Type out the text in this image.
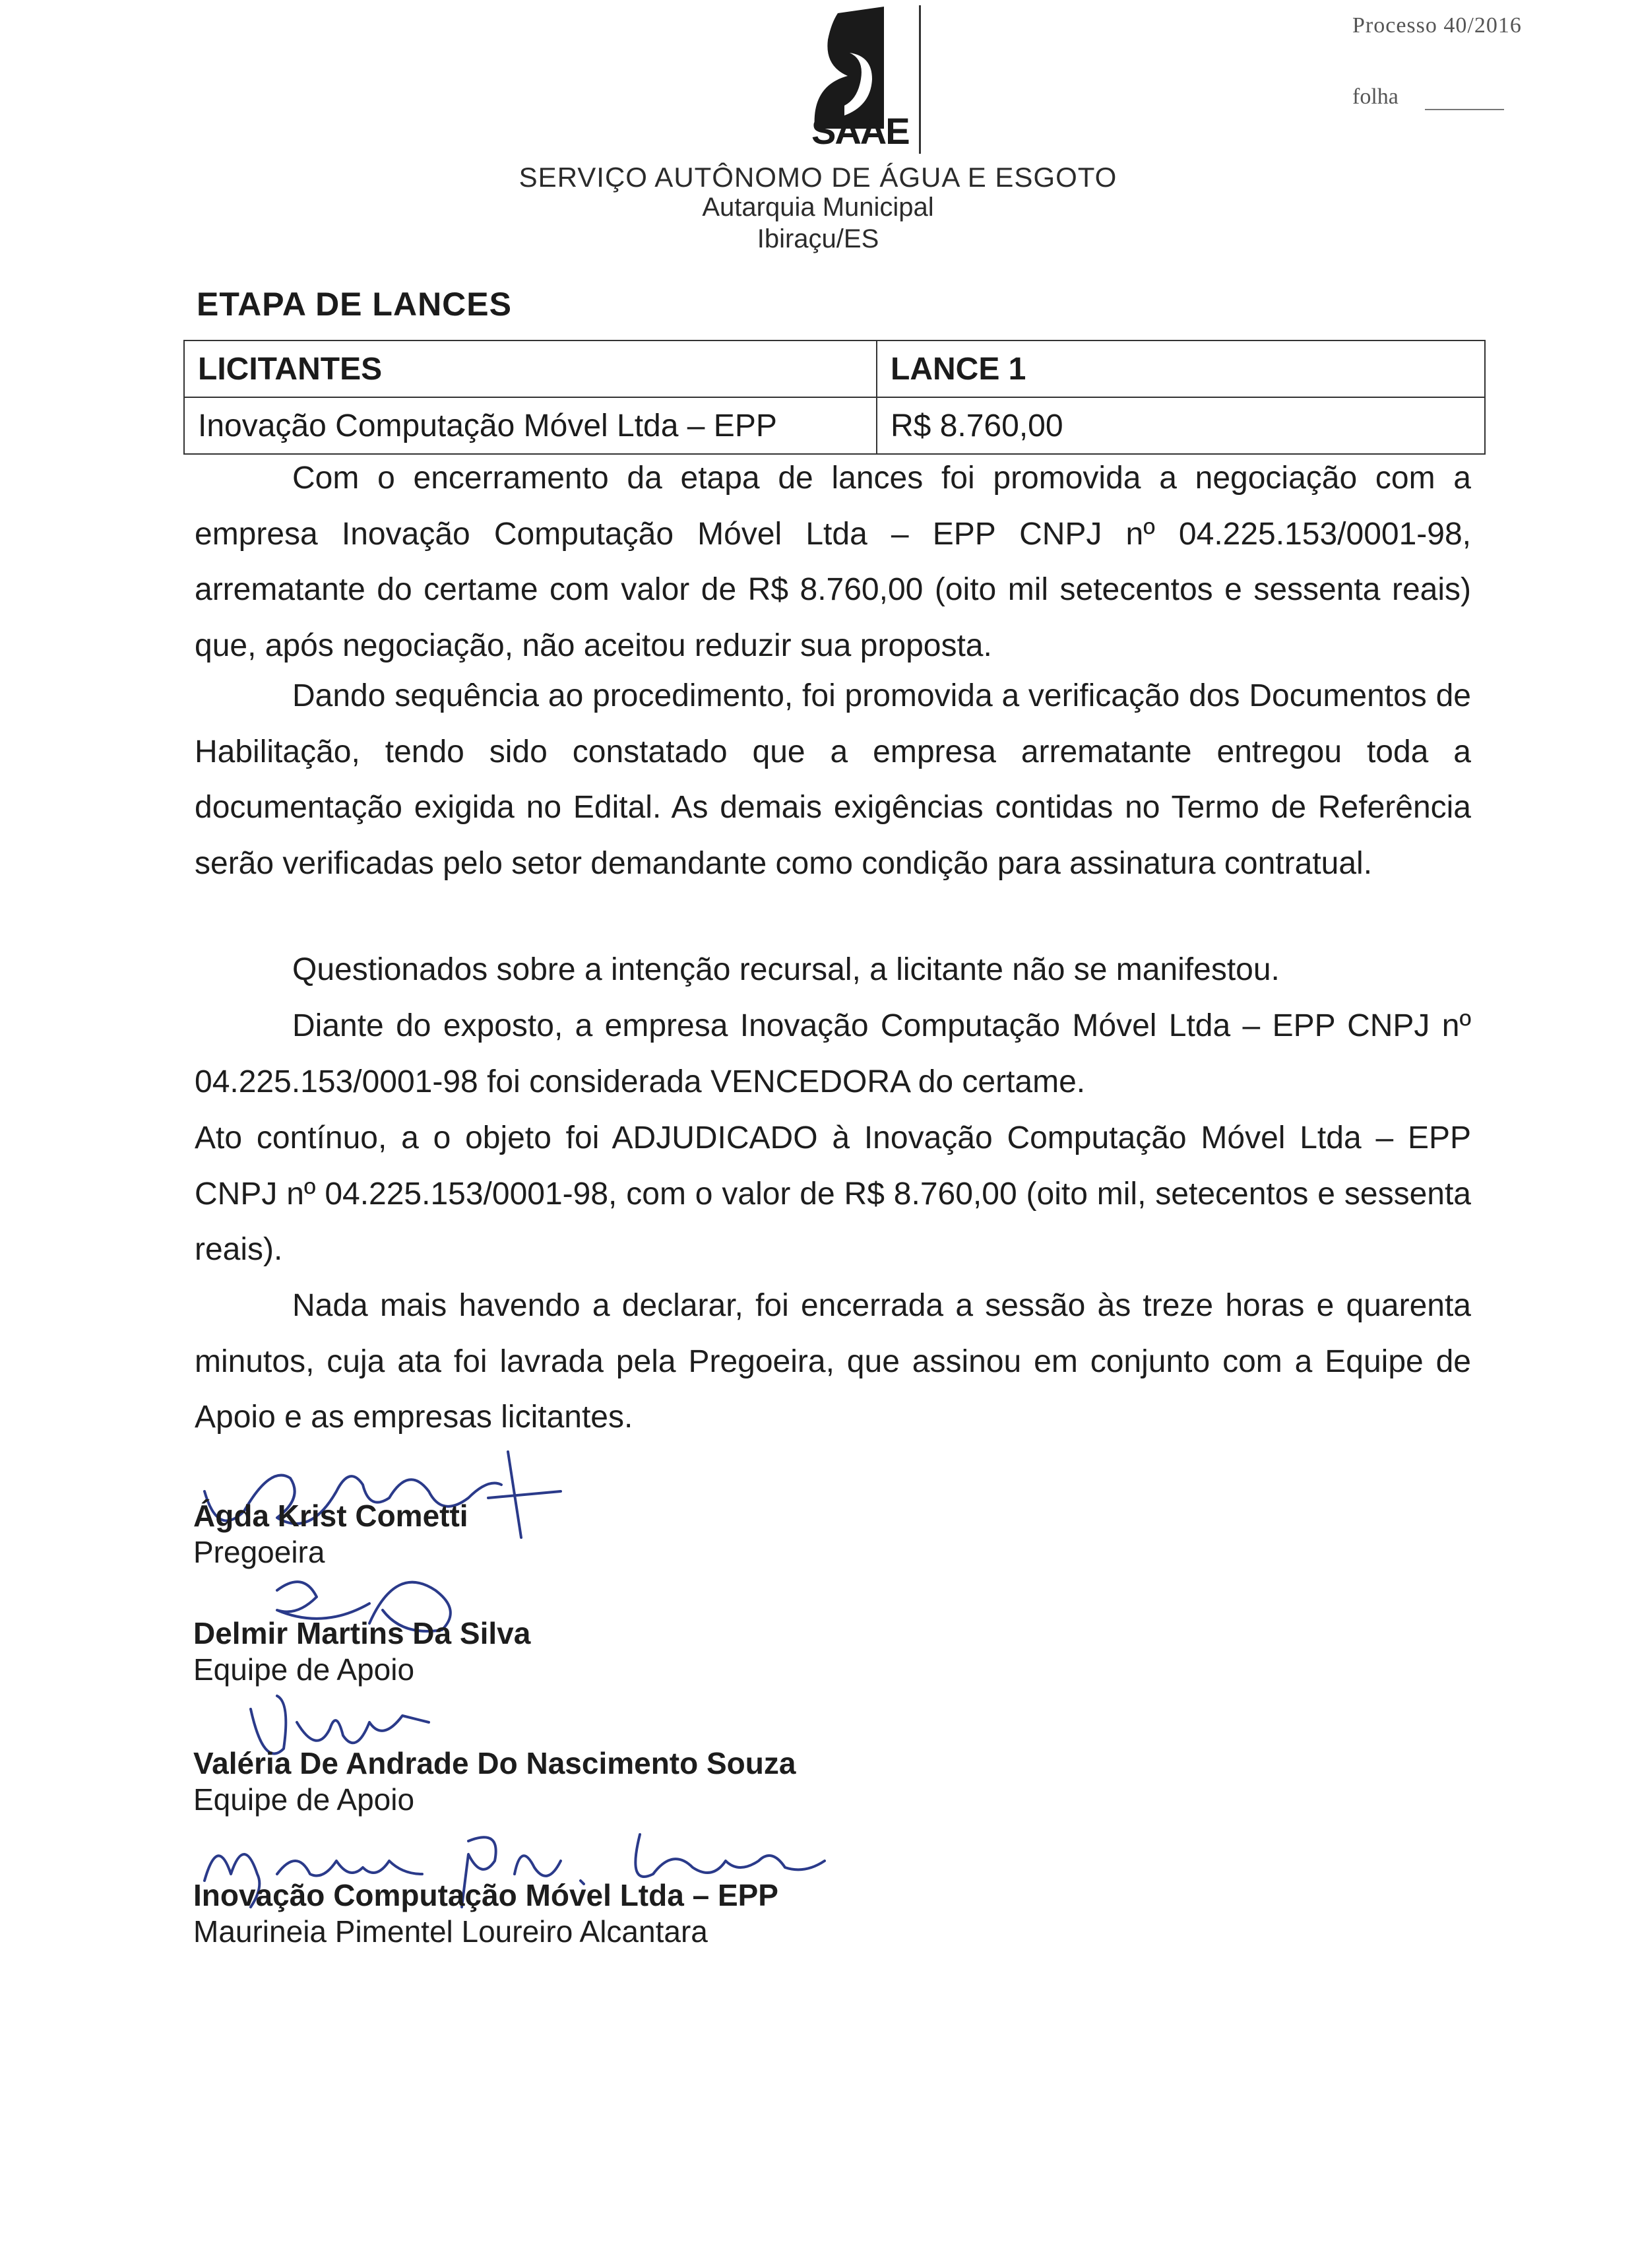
SAAE
Processo 40/2016
folha
SERVIÇO AUTÔNOMO DE ÁGUA E ESGOTO
Autarquia Municipal
Ibiraçu/ES
ETAPA DE LANCES
LICITANTES	LANCE 1
Inovação Computação Móvel Ltda – EPP	R$ 8.760,00
Com o encerramento da etapa de lances foi promovida a negociação com a empresa Inovação Computação Móvel Ltda – EPP CNPJ nº 04.225.153/0001-98, arrematante do certame com valor de R$ 8.760,00 (oito mil setecentos e sessenta reais) que, após negociação, não aceitou reduzir sua proposta.
Dando sequência ao procedimento, foi promovida a verificação dos Documentos de Habilitação, tendo sido constatado que a empresa arrematante entregou toda a documentação exigida no Edital. As demais exigências contidas no Termo de Referência serão verificadas pelo setor demandante como condição para assinatura contratual.
Questionados sobre a intenção recursal, a licitante não se manifestou.
Diante do exposto, a empresa Inovação Computação Móvel Ltda – EPP CNPJ nº 04.225.153/0001-98 foi considerada VENCEDORA do certame.
Ato contínuo, a o objeto foi ADJUDICADO à Inovação Computação Móvel Ltda – EPP CNPJ nº 04.225.153/0001-98, com o valor de R$ 8.760,00 (oito mil, setecentos e sessenta reais).
Nada mais havendo a declarar, foi encerrada a sessão às treze horas e quarenta minutos, cuja ata foi lavrada pela Pregoeira, que assinou em conjunto com a Equipe de Apoio e as empresas licitantes.
Ágda Krist Cometti
Pregoeira
Delmir Martins Da Silva
Equipe de Apoio
Valéria De Andrade Do Nascimento Souza
Equipe de Apoio
Inovação Computação Móvel Ltda – EPP
Maurineia Pimentel Loureiro Alcantara
